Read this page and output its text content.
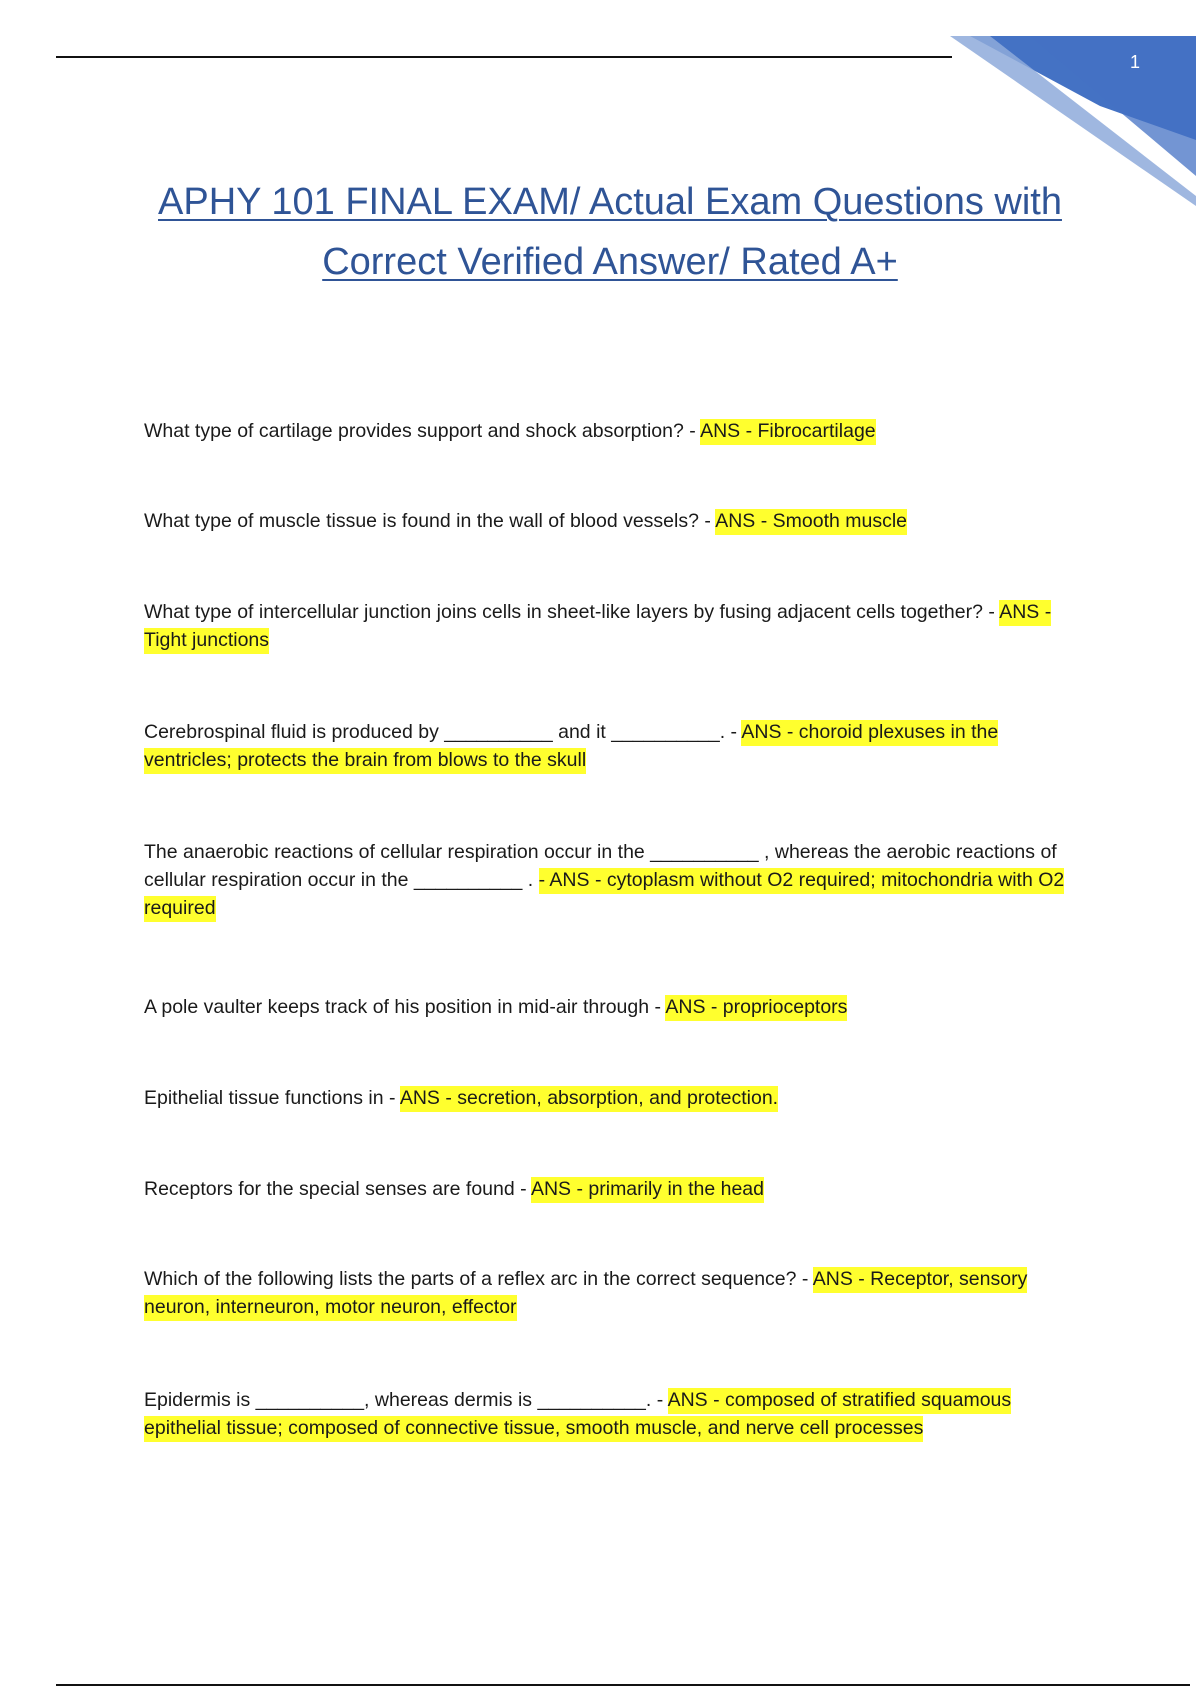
1
APHY 101 FINAL EXAM/ Actual Exam Questions with
Correct Verified Answer/ Rated A+
What type of cartilage provides support and shock absorption? - ANS - Fibrocartilage
What type of muscle tissue is found in the wall of blood vessels? - ANS - Smooth muscle
What type of intercellular junction joins cells in sheet-like layers by fusing adjacent cells together? - ANS - Tight junctions
Cerebrospinal fluid is produced by __________ and it __________. - ANS - choroid plexuses in the ventricles; protects the brain from blows to the skull
The anaerobic reactions of cellular respiration occur in the __________ , whereas the aerobic reactions of cellular respiration occur in the __________ . - ANS - cytoplasm without O2 required; mitochondria with O2 required
A pole vaulter keeps track of his position in mid-air through - ANS - proprioceptors
Epithelial tissue functions in - ANS - secretion, absorption, and protection.
Receptors for the special senses are found - ANS - primarily in the head
Which of the following lists the parts of a reflex arc in the correct sequence? - ANS - Receptor, sensory neuron, interneuron, motor neuron, effector
Epidermis is __________, whereas dermis is __________. - ANS - composed of stratified squamous epithelial tissue; composed of connective tissue, smooth muscle, and nerve cell processes
